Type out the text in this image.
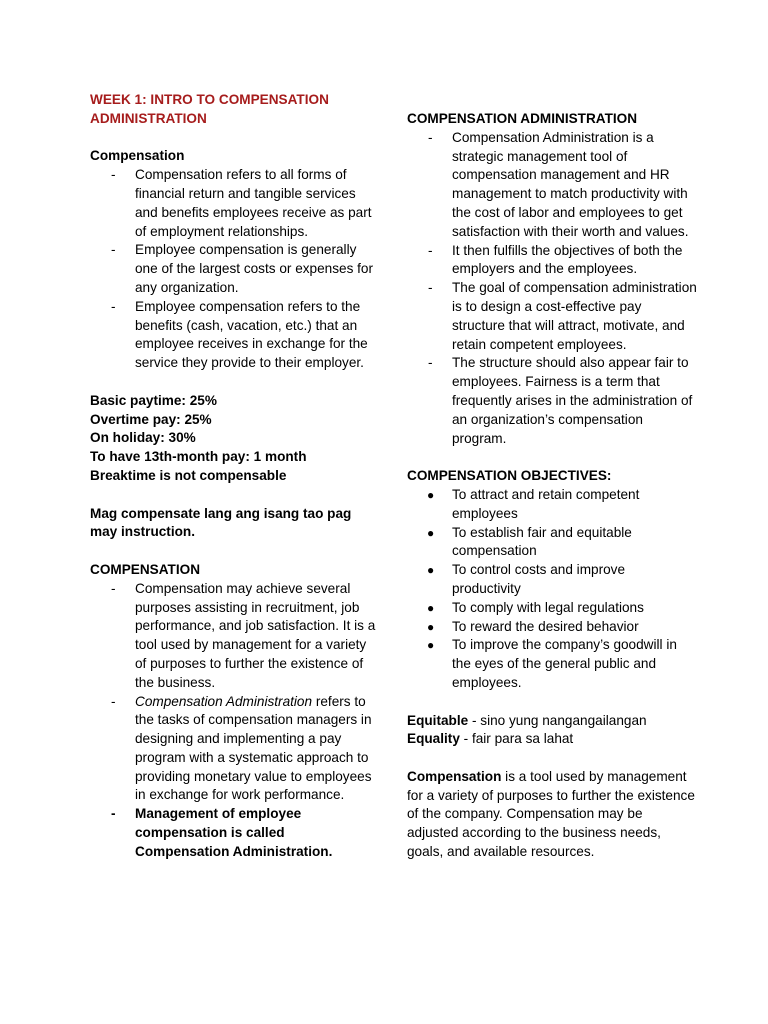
WEEK 1: INTRO TO COMPENSATION ADMINISTRATION

Compensation

- Compensation refers to all forms of financial return and tangible services and benefits employees receive as part of employment relationships.
- Employee compensation is generally one of the largest costs or expenses for any organization.
- Employee compensation refers to the benefits (cash, vacation, etc.) that an employee receives in exchange for the service they provide to their employer.

Basic paytime: 25%

Overtime pay: 25%

On holiday: 30%

To have 13th-month pay: 1 month

Breaktime is not compensable

Mag compensate lang ang isang tao pag may instruction.

COMPENSATION

- Compensation may achieve several purposes assisting in recruitment, job performance, and job satisfaction. It is a tool used by management for a variety of purposes to further the existence of the business.
- Compensation Administration refers to the tasks of compensation managers in designing and implementing a pay program with a systematic approach to providing monetary value to employees in exchange for work performance.
- Management of employee compensation is called Compensation Administration.

COMPENSATION ADMINISTRATION

- Compensation Administration is a strategic management tool of compensation management and HR management to match productivity with the cost of labor and employees to get satisfaction with their worth and values.
- It then fulfills the objectives of both the employers and the employees.
- The goal of compensation administration is to design a cost-effective pay structure that will attract, motivate, and retain competent employees.
- The structure should also appear fair to employees. Fairness is a term that frequently arises in the administration of an organization’s compensation program.

COMPENSATION OBJECTIVES:

● To attract and retain competent employees
● To establish fair and equitable compensation
● To control costs and improve productivity
● To comply with legal regulations
● To reward the desired behavior
● To improve the company’s goodwill in the eyes of the general public and employees.

Equitable - sino yung nangangailangan

Equality - fair para sa lahat

Compensation is a tool used by management for a variety of purposes to further the existence of the company. Compensation may be adjusted according to the business needs, goals, and available resources.
